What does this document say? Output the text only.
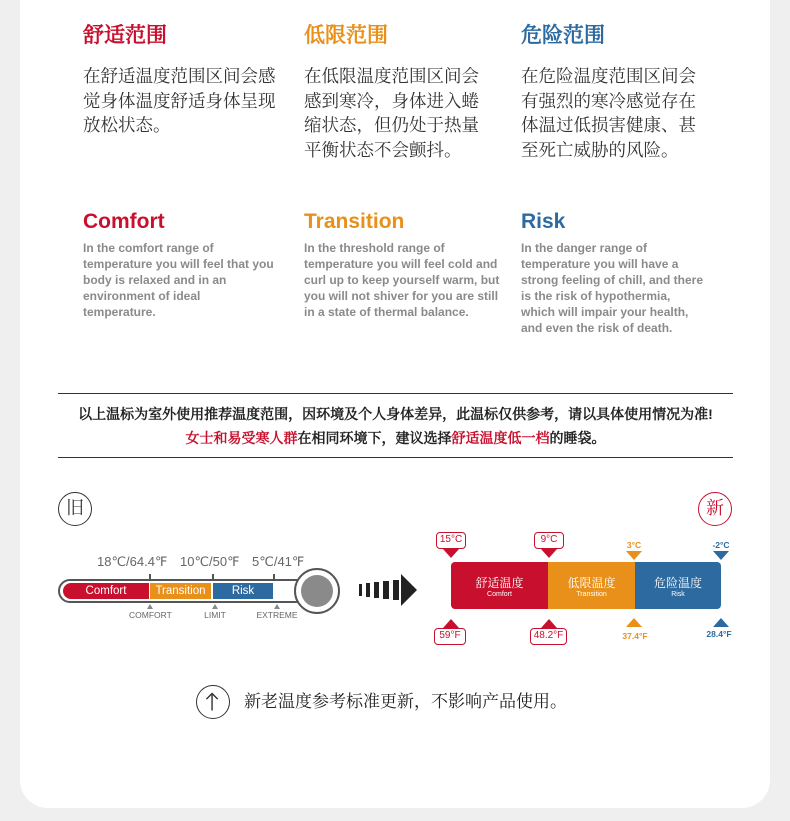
舒适范围
在舒适温度范围区间会感觉身体温度舒适身体呈现放松状态。
Comfort
In the comfort range of temperature you will feel that you body is relaxed and in an environment of ideal temperature.
低限范围
在低限温度范围区间会感到寒冷，身体进入蜷缩状态，但仍处于热量平衡状态不会颤抖。
Transition
In the threshold range of temperature you will feel cold and curl up to keep yourself warm, but you will not shiver for you are still in a state of thermal balance.
危险范围
在危险温度范围区间会有强烈的寒冷感觉存在体温过低损害健康、甚至死亡威胁的风险。
Risk
In the danger range of temperature you will have a strong feeling of chill, and there is the risk of hypothermia, which will impair your health, and even the risk of death.
以上温标为室外使用推荐温度范围，因环境及个人身体差异，此温标仅供参考，请以具体使用情况为准!
女士和易受寒人群在相同环境下，建议选择舒适温度低一档的睡袋。
旧	新
18℃/64.4℉ 10℃/50℉ 5℃/41℉
Comfort	Transition	Risk
COMFORT	LIMIT	EXTREME
15°C	9°C	3°C	-2°C
舒适温度
Comfort
低限温度
Transition
危险温度
Risk
59°F	48.2°F	37.4°F	28.4°F
新老温度参考标准更新，不影响产品使用。
